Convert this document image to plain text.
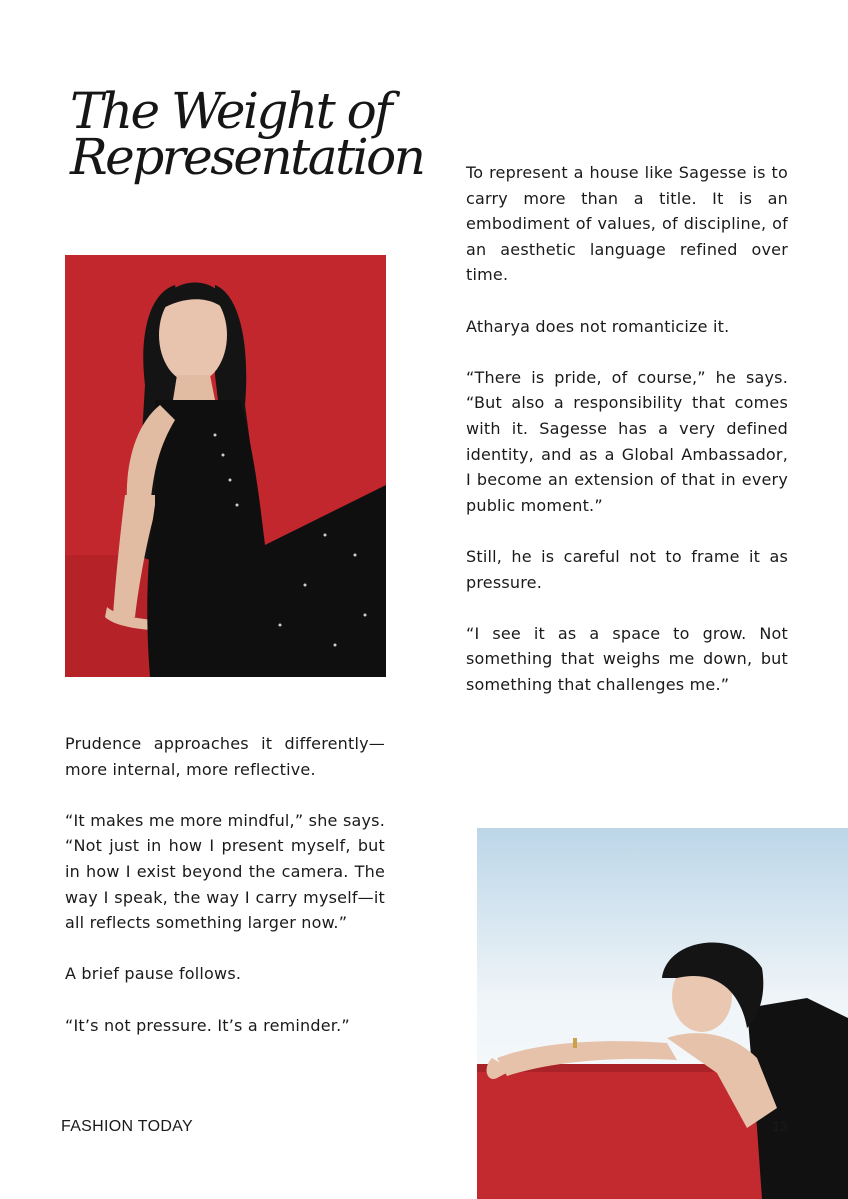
The Weight of
Representation	To represent a house like Sagesse is to carry more than a title. It is an embodiment of values, of discipline, of an aesthetic language refined over time.

Atharya does not romanticize it.

“There is pride, of course,” he says. “But also a responsibility that comes with it. Sagesse has a very defined identity, and as a Global Ambassador, I become an extension of that in every public moment.”

Still, he is careful not to frame it as pressure.

“I see it as a space to grow. Not something that weighs me down, but something that challenges me.”

Prudence approaches it differently—more internal, more reflective.

“It makes me more mindful,” she says. “Not just in how I present myself, but in how I exist beyond the camera. The way I speak, the way I carry myself—it all reflects something larger now.”

A brief pause follows.

“It’s not pressure. It’s a reminder.”

FASHION TODAY	13
